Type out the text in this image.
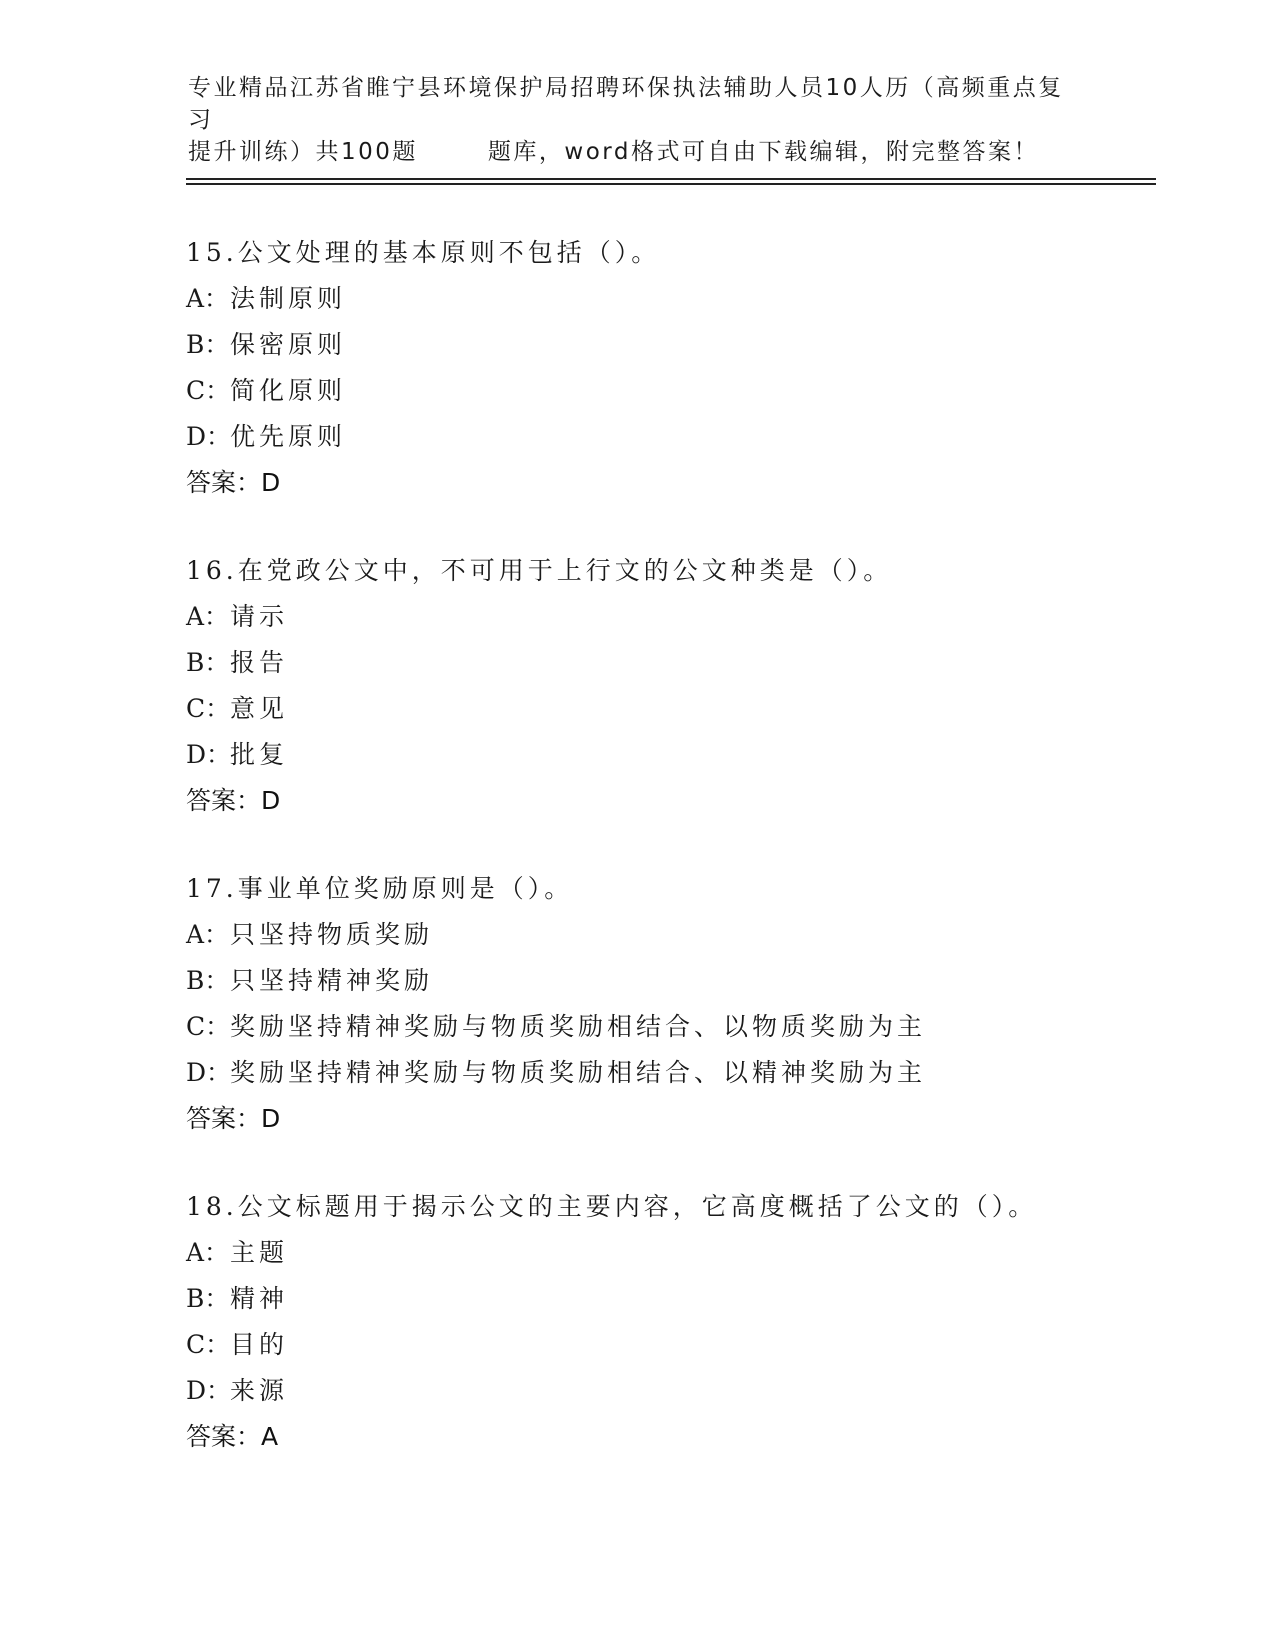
专业精品江苏省睢宁县环境保护局招聘环保执法辅助人员10人历（高频重点复习
提升训练）共100题	题库，word格式可自由下载编辑，附完整答案！
15.公文处理的基本原则不包括（）。
A：法制原则
B：保密原则
C：简化原则
D：优先原则
答案：D
16.在党政公文中，不可用于上行文的公文种类是（）。
A：请示
B：报告
C：意见
D：批复
答案：D
17.事业单位奖励原则是（）。
A：只坚持物质奖励
B：只坚持精神奖励
C：奖励坚持精神奖励与物质奖励相结合、以物质奖励为主
D：奖励坚持精神奖励与物质奖励相结合、以精神奖励为主
答案：D
18.公文标题用于揭示公文的主要内容，它高度概括了公文的（）。
A：主题
B：精神
C：目的
D：来源
答案：A
